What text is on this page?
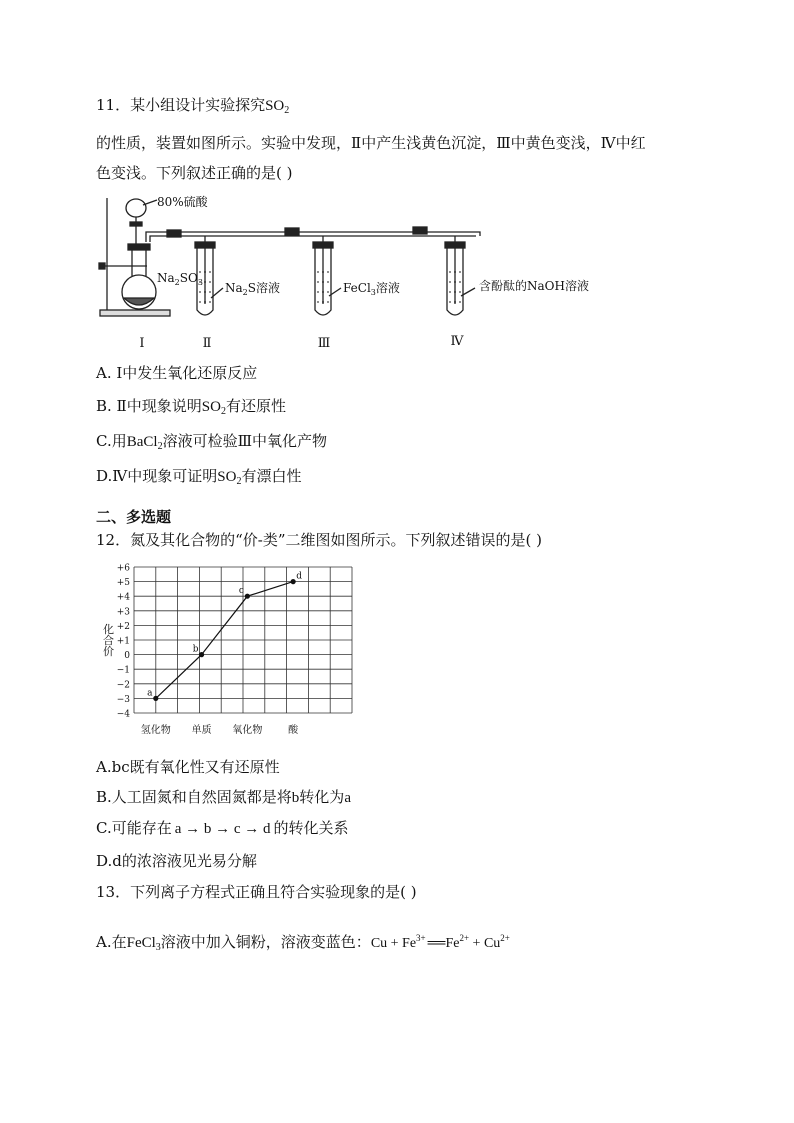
11．某小组设计实验探究$SO_2$
的性质，装置如图所示。实验中发现，Ⅱ中产生浅黄色沉淀，Ⅲ中黄色变浅，Ⅳ中红
色变浅。下列叙述正确的是( )
80%硫酸
$Na_2SO_3$ $Na_2S$溶液	FeCl$_3$溶液	含酚酞的NaOH溶液
Ⅰ	Ⅱ	Ⅲ	Ⅳ
A. Ⅰ中发生氧化还原反应
B. Ⅱ中现象说明$SO_2$有还原性
C.用BaCl$_2$溶液可检验Ⅲ中氧化产物
D.Ⅳ中现象可证明$SO_2$有漂白性
二、多选题
12．氮及其化合物的“价-类”二维图如图所示。下列叙述错误的是( )
+6
+5
+4
+3
+2
+1
0
−1
−2
−3
−4
化合价
氢化物 单质 氧化物	酸
a
b
c
d
A.bc既有氧化性又有还原性
B.人工固氮和自然固氮都是将b转化为a
C.可能存在 a → b → c → d 的转化关系
D.d的浓溶液见光易分解
13．下列离子方程式正确且符合实验现象的是( )
A.在FeCl$_3$溶液中加入铜粉，溶液变蓝色：$Cu + Fe^{3+}$ ══ $Fe^{2+} + Cu^{2+}$
